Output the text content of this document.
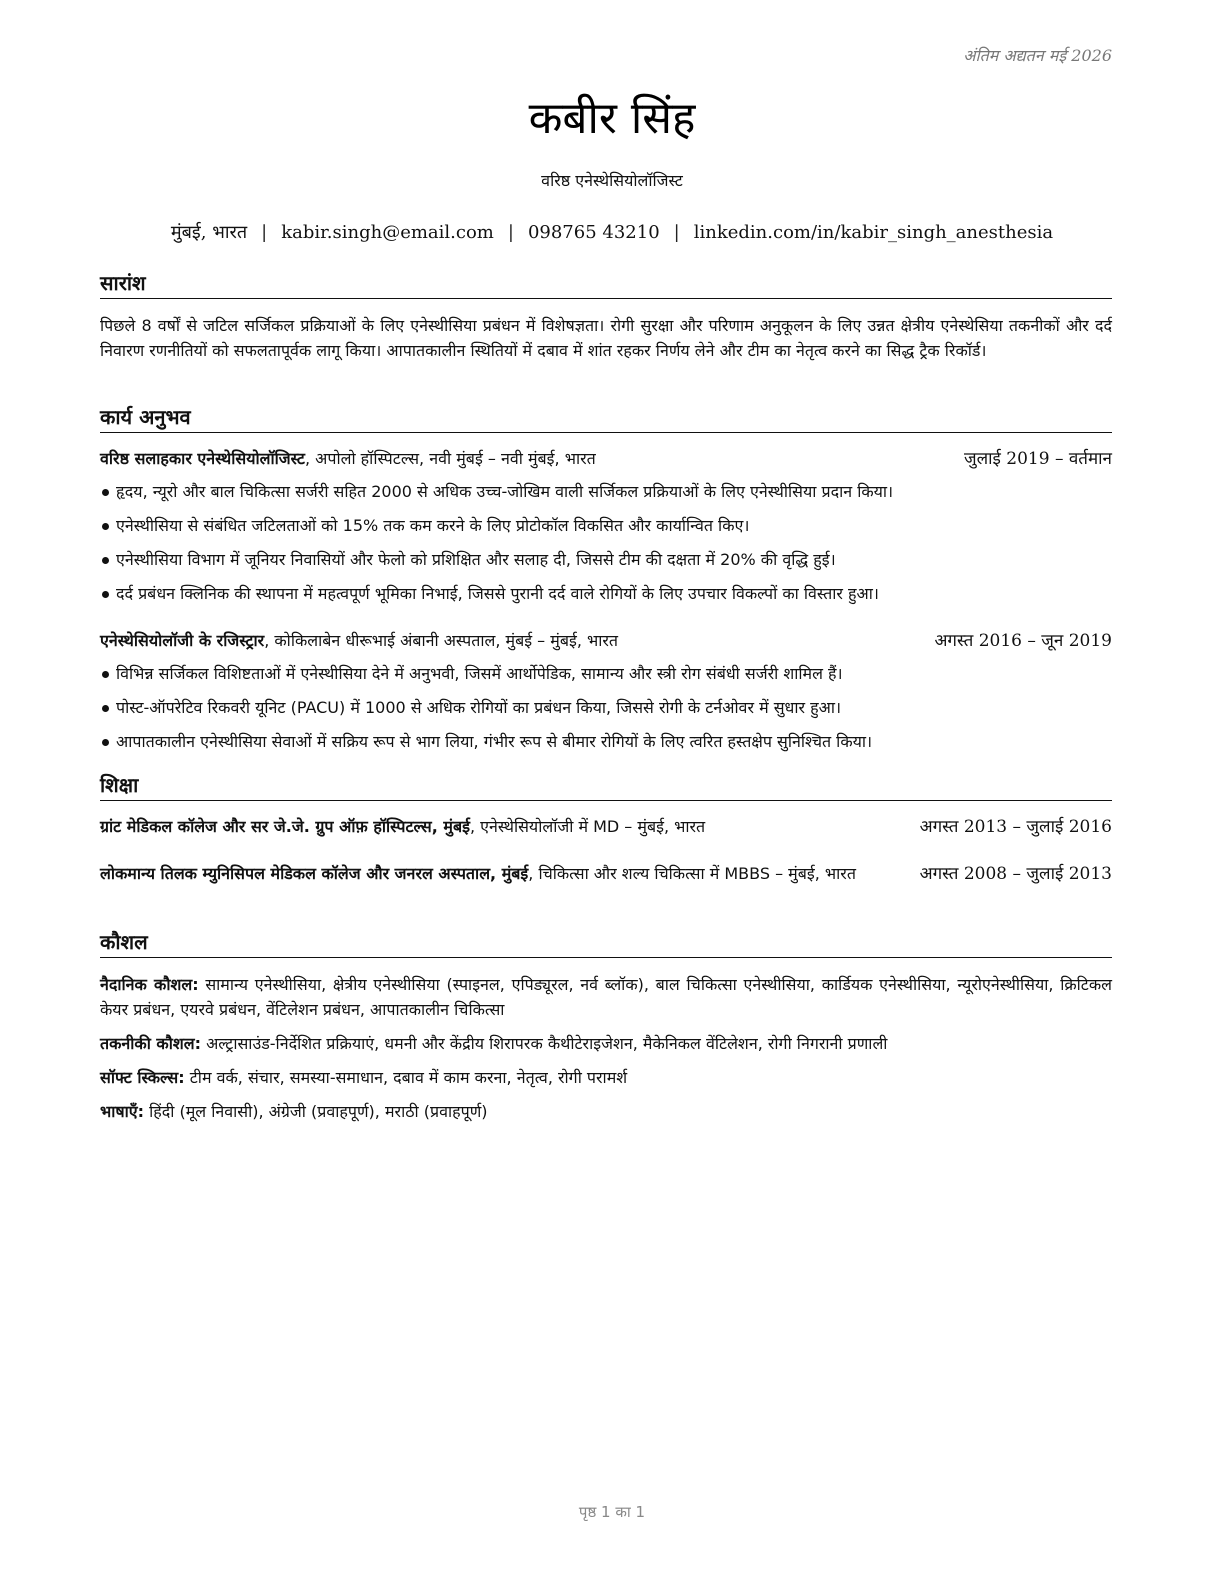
अंतिम अद्यतन मई 2026
कबीर सिंह
वरिष्ठ एनेस्थेसियोलॉजिस्ट
मुंबई, भारत | kabir.singh@email.com | 098765 43210 | linkedin.com/in/kabir_singh_anesthesia
सारांश
पिछले 8 वर्षों से जटिल सर्जिकल प्रक्रियाओं के लिए एनेस्थीसिया प्रबंधन में विशेषज्ञता। रोगी सुरक्षा और परिणाम अनुकूलन के लिए उन्नत क्षेत्रीय एनेस्थेसिया तकनीकों और दर्द निवारण रणनीतियों को सफलतापूर्वक लागू किया। आपातकालीन स्थितियों में दबाव में शांत रहकर निर्णय लेने और टीम का नेतृत्व करने का सिद्ध ट्रैक रिकॉर्ड।
कार्य अनुभव
वरिष्ठ सलाहकार एनेस्थेसियोलॉजिस्ट, अपोलो हॉस्पिटल्स, नवी मुंबई – नवी मुंबई, भारत	जुलाई 2019 – वर्तमान
हृदय, न्यूरो और बाल चिकित्सा सर्जरी सहित 2000 से अधिक उच्च-जोखिम वाली सर्जिकल प्रक्रियाओं के लिए एनेस्थीसिया प्रदान किया।
एनेस्थीसिया से संबंधित जटिलताओं को 15% तक कम करने के लिए प्रोटोकॉल विकसित और कार्यान्वित किए।
एनेस्थीसिया विभाग में जूनियर निवासियों और फेलो को प्रशिक्षित और सलाह दी, जिससे टीम की दक्षता में 20% की वृद्धि हुई।
दर्द प्रबंधन क्लिनिक की स्थापना में महत्वपूर्ण भूमिका निभाई, जिससे पुरानी दर्द वाले रोगियों के लिए उपचार विकल्पों का विस्तार हुआ।
एनेस्थेसियोलॉजी के रजिस्ट्रार, कोकिलाबेन धीरूभाई अंबानी अस्पताल, मुंबई – मुंबई, भारत	अगस्त 2016 – जून 2019
विभिन्न सर्जिकल विशिष्टताओं में एनेस्थीसिया देने में अनुभवी, जिसमें आर्थोपेडिक, सामान्य और स्त्री रोग संबंधी सर्जरी शामिल हैं।
पोस्ट-ऑपरेटिव रिकवरी यूनिट (PACU) में 1000 से अधिक रोगियों का प्रबंधन किया, जिससे रोगी के टर्नओवर में सुधार हुआ।
आपातकालीन एनेस्थीसिया सेवाओं में सक्रिय रूप से भाग लिया, गंभीर रूप से बीमार रोगियों के लिए त्वरित हस्तक्षेप सुनिश्चित किया।
शिक्षा
ग्रांट मेडिकल कॉलेज और सर जे.जे. ग्रुप ऑफ़ हॉस्पिटल्स, मुंबई, एनेस्थेसियोलॉजी में MD – मुंबई, भारत	अगस्त 2013 – जुलाई 2016
लोकमान्य तिलक म्युनिसिपल मेडिकल कॉलेज और जनरल अस्पताल, मुंबई, चिकित्सा और शल्य चिकित्सा में MBBS – मुंबई, भारत	अगस्त 2008 – जुलाई 2013
कौशल
नैदानिक कौशल: सामान्य एनेस्थीसिया, क्षेत्रीय एनेस्थीसिया (स्पाइनल, एपिड्यूरल, नर्व ब्लॉक), बाल चिकित्सा एनेस्थीसिया, कार्डियक एनेस्थीसिया, न्यूरोएनेस्थीसिया, क्रिटिकल केयर प्रबंधन, एयरवे प्रबंधन, वेंटिलेशन प्रबंधन, आपातकालीन चिकित्सा
तकनीकी कौशल: अल्ट्रासाउंड-निर्देशित प्रक्रियाएं, धमनी और केंद्रीय शिरापरक कैथीटेराइजेशन, मैकेनिकल वेंटिलेशन, रोगी निगरानी प्रणाली
सॉफ्ट स्किल्स: टीम वर्क, संचार, समस्या-समाधान, दबाव में काम करना, नेतृत्व, रोगी परामर्श
भाषाएँ: हिंदी (मूल निवासी), अंग्रेजी (प्रवाहपूर्ण), मराठी (प्रवाहपूर्ण)
पृष्ठ 1 का 1
